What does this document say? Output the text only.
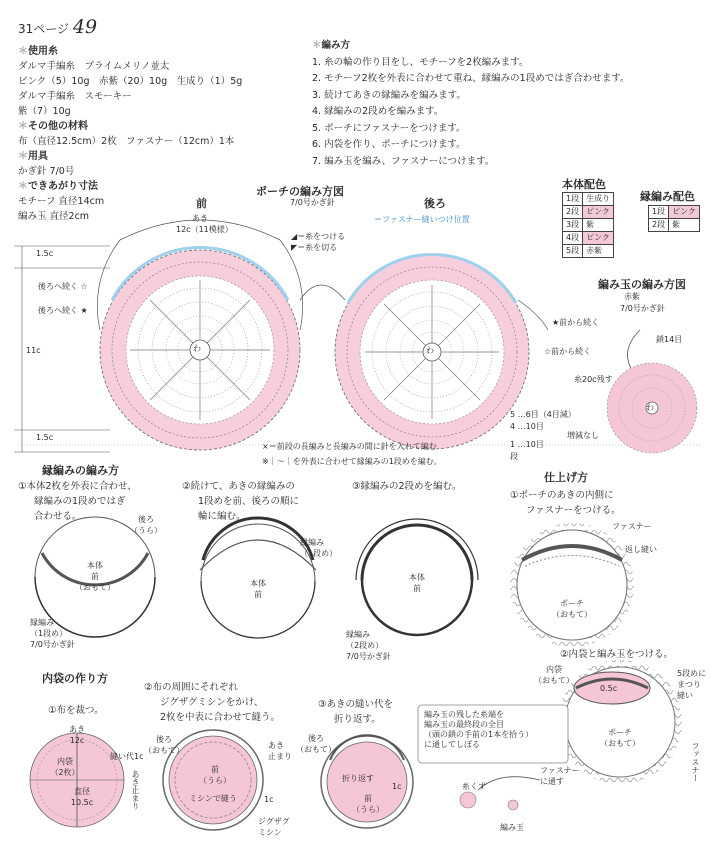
31ページ 49
＊使用糸
ダルマ手編糸　プライムメリノ並太
ピンク（5）10g　赤紫（20）10g　生成り（1）5g
ダルマ手編糸　スモーキー
紫（7）10g
＊その他の材料
布（直径12.5cm）2枚　ファスナー（12cm）1本
＊用具
かぎ針 7/0号
＊できあがり寸法
モチーフ 直径14cm
編み玉 直径2cm
＊編み方
1. 糸の輪の作り目をし、モチーフを2枚編みます。
2. モチーフ2枚を外表に合わせて重ね、縁編みの1段めではぎ合わせます。
3. 続けてあきの縁編みを編みます。
4. 縁編みの2段めを編みます。
5. ポーチにファスナーをつけます。
6. 内袋を作り、ポーチにつけます。
7. 編み玉を編み、ファスナーにつけます。
ポーチの編み方図
7/0号かぎ針
前	後ろ
あき
12c（11模様）
＝ファスナー縫いつけ位置
◢＝糸をつける
◤＝糸を切る
後ろへ続く ☆
後ろへ続く ★
★前から続く
☆前から続く
1.5c
11c
1.5c
わ	わ
×＝前段の長編みと長編みの間に針を入れて編む
※｜～｜を外表に合わせて縁編みの1段めを編む。
本体配色
1段	生成り
2段	ピンク
3段	紫
4段	ピンク
5段	赤紫
縁編み配色
1段	ピンク
2段	紫
編み玉の編み方図
赤紫
7/0号かぎ針
鎖14目
糸20c残す
5 …6目（4目減）
4 …10目
1 …10目
段
増減なし
わ
縁編みの編み方
①本体2枚を外表に合わせ、
縁編みの1段めではぎ
合わせる。
②続けて、あきの縁編みの
1段めを前、後ろの順に
輪に編む。
③縁編みの2段めを編む。
後ろ
（うら）
本体
前
（おもて）
縁編み
（1段め）
7/0号かぎ針
本体
前
縁編み
（1段め）
本体
前
縁編み
（2段め）
7/0号かぎ針
仕上げ方
①ポーチのあきの内側に
ファスナーをつける。
ファスナー
返し縫い
ポーチ
（おもて）
②内袋と編み玉をつける。
内袋
（おもて）
0.5c
5段めに
まつり
縫い
ポーチ
（おもて）	ファスナー
編み玉の残した糸端を
編み玉の最終段の全目
（頭の鎖の手前の1本を拾う）
に通してしぼる
ファスナー
に通す
糸くず
編み玉
内袋の作り方
①布を裁つ。
あき
12c
内袋
（2枚）
直径
10.5c
縫い代1c
あき止まり
②布の周囲にそれぞれ
ジグザグミシンをかけ、
2枚を中表に合わせて縫う。
後ろ
（おもて）
前
（うら）
ミシンで縫う
あき
止まり
1c
ジグザグ
ミシン
③あきの縫い代を
折り返す。
後ろ
（おもて）
折り返す
1c
前
（うら）
